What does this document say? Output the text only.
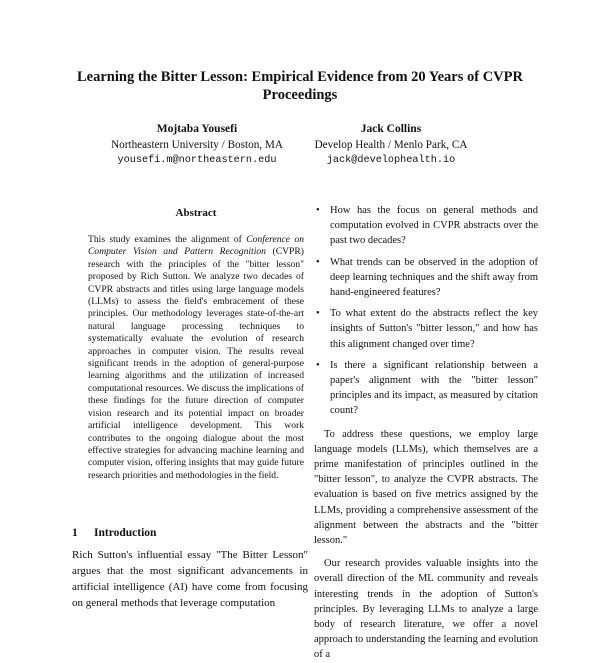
Learning the Bitter Lesson: Empirical Evidence from 20 Years of CVPR Proceedings
Mojtaba Yousefi
Northeastern University / Boston, MA
yousefi.m@northeastern.edu
Jack Collins
Develop Health / Menlo Park, CA
jack@develophealth.io
Abstract
This study examines the alignment of Conference on Computer Vision and Pattern Recognition (CVPR) research with the principles of the "bitter lesson" proposed by Rich Sutton. We analyze two decades of CVPR abstracts and titles using large language models (LLMs) to assess the field's embracement of these principles. Our methodology leverages state-of-the-art natural language processing techniques to systematically evaluate the evolution of research approaches in computer vision. The results reveal significant trends in the adoption of general-purpose learning algorithms and the utilization of increased computational resources. We discuss the implications of these findings for the future direction of computer vision research and its potential impact on broader artificial intelligence development. This work contributes to the ongoing dialogue about the most effective strategies for advancing machine learning and computer vision, offering insights that may guide future research priorities and methodologies in the field.
1 Introduction
Rich Sutton's influential essay "The Bitter Lesson" argues that the most significant advancements in artificial intelligence (AI) have come from focusing on general methods that leverage computation
• How has the focus on general methods and computation evolved in CVPR abstracts over the past two decades?
• What trends can be observed in the adoption of deep learning techniques and the shift away from hand-engineered features?
• To what extent do the abstracts reflect the key insights of Sutton's "bitter lesson," and how has this alignment changed over time?
• Is there a significant relationship between a paper's alignment with the "bitter lesson" principles and its impact, as measured by citation count?

To address these questions, we employ large language models (LLMs), which themselves are a prime manifestation of principles outlined in the "bitter lesson", to analyze the CVPR abstracts. The evaluation is based on five metrics assigned by the LLMs, providing a comprehensive assessment of the alignment between the abstracts and the "bitter lesson."

Our research provides valuable insights into the overall direction of the ML community and reveals interesting trends in the adoption of Sutton's principles. By leveraging LLMs to analyze a large body of research literature, we offer a novel approach to understanding the learning and evolution of a
